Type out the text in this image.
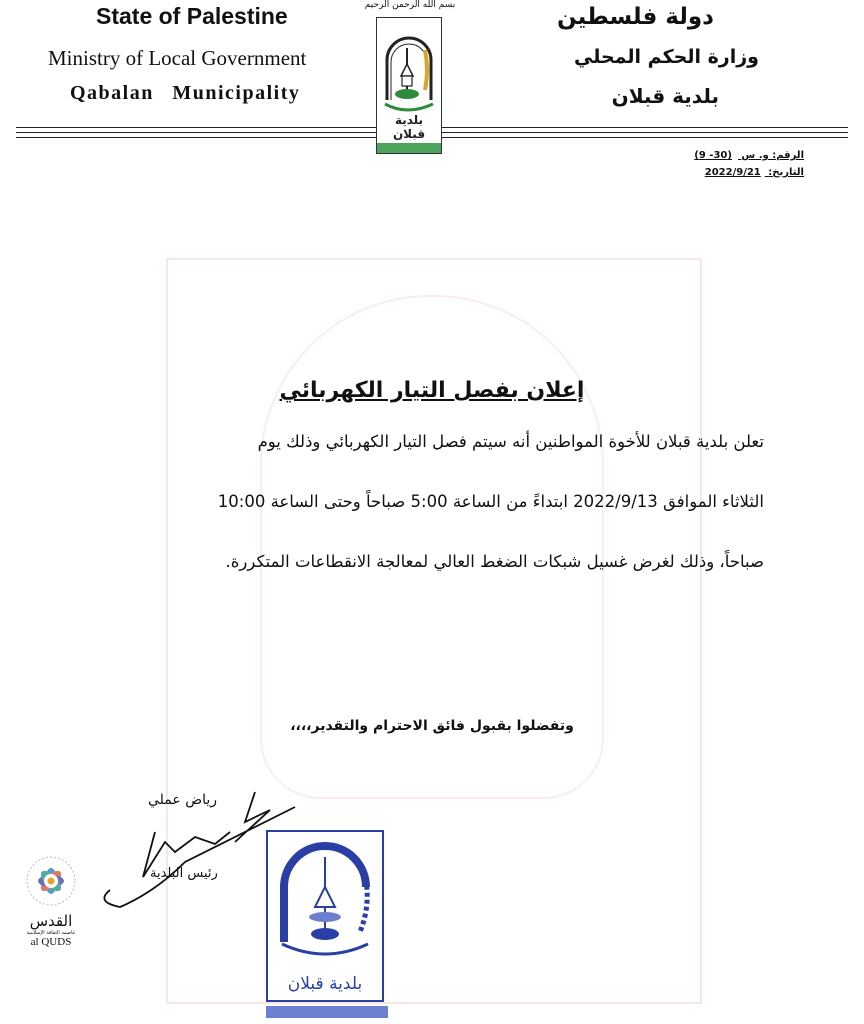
State of Palestine
Ministry of Local Government
Qabalan Municipality
دولة فلسطين
وزارة الحكم المحلي
بلدية قبلان
بسم الله الرحمن الرحيم
بلدية قبلان
الرقم: و. س (30- 9)
التاريخ: 2022/9/21
إعلان بفصل التيار الكهربائي
تعلن بلدية قبلان للأخوة المواطنين أنه سيتم فصل التيار الكهربائي وذلك يوم
الثلاثاء الموافق 2022/9/13 ابتداءً من الساعة 5:00 صباحاً وحتى الساعة 10:00
صباحاً، وذلك لغرض غسيل شبكات الضغط العالي لمعالجة الانقطاعات المتكررة.
وتفضلوا بقبول فائق الاحترام والتقدير،،،،
رياض عملي
رئيس البلدية
بلدية قبلان
القدس
عاصمة الثقافة الإسلامية
al QUDS
